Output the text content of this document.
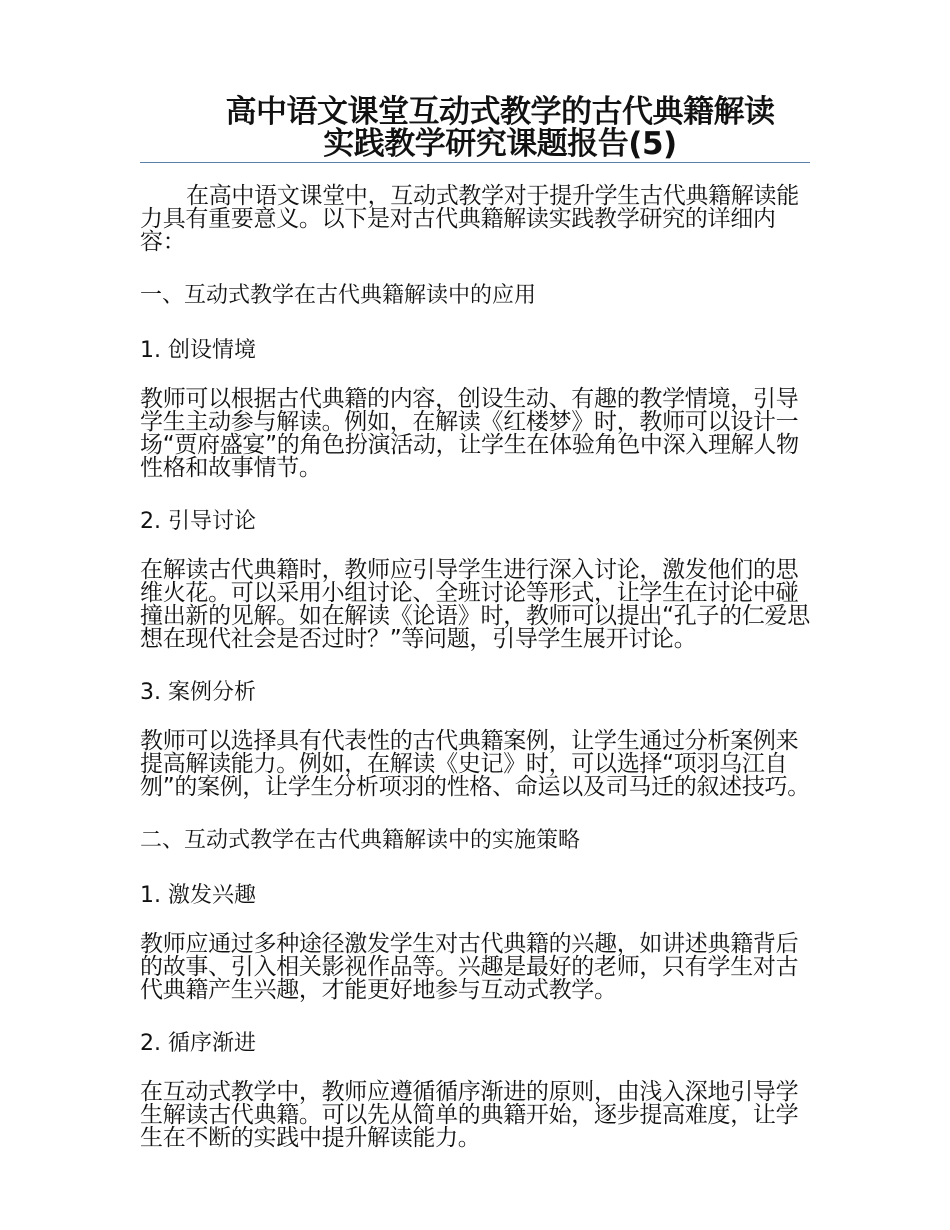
高中语文课堂互动式教学的古代典籍解读
实践教学研究课题报告(5)

在高中语文课堂中，互动式教学对于提升学生古代典籍解读能力具有重要意义。以下是对古代典籍解读实践教学研究的详细内容：

一、互动式教学在古代典籍解读中的应用
1. 创设情境

教师可以根据古代典籍的内容，创设生动、有趣的教学情境，引导学生主动参与解读。例如，在解读《红楼梦》时，教师可以设计一场“贾府盛宴”的角色扮演活动，让学生在体验角色中深入理解人物性格和故事情节。

2. 引导讨论

在解读古代典籍时，教师应引导学生进行深入讨论，激发他们的思维火花。可以采用小组讨论、全班讨论等形式，让学生在讨论中碰撞出新的见解。如在解读《论语》时，教师可以提出“孔子的仁爱思想在现代社会是否过时？”等问题，引导学生展开讨论。

3. 案例分析

教师可以选择具有代表性的古代典籍案例，让学生通过分析案例来提高解读能力。例如，在解读《史记》时，可以选择“项羽乌江自刎”的案例，让学生分析项羽的性格、命运以及司马迁的叙述技巧。

二、互动式教学在古代典籍解读中的实施策略
1. 激发兴趣

教师应通过多种途径激发学生对古代典籍的兴趣，如讲述典籍背后的故事、引入相关影视作品等。兴趣是最好的老师，只有学生对古代典籍产生兴趣，才能更好地参与互动式教学。

2. 循序渐进

在互动式教学中，教师应遵循循序渐进的原则，由浅入深地引导学生解读古代典籍。可以先从简单的典籍开始，逐步提高难度，让学生在不断的实践中提升解读能力。
